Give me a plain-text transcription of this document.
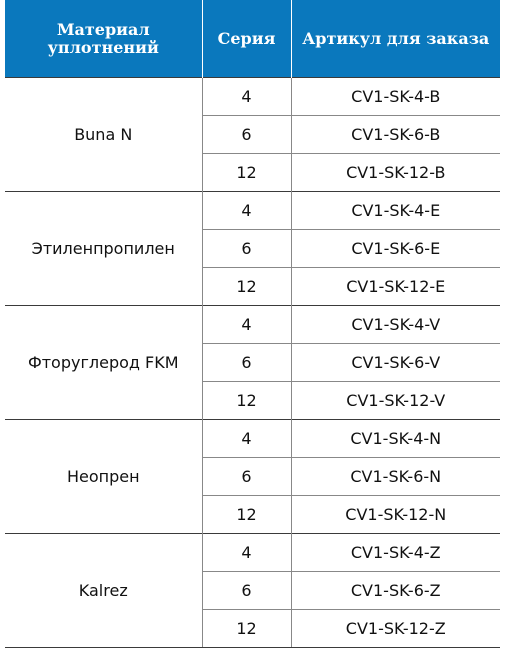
Материал уплотнений	Серия	Артикул для заказа
Buna N	4	CV1-SK-4-B
	6	CV1-SK-6-B
	12	CV1-SK-12-B
Этиленпропилен	4	CV1-SK-4-E
	6	CV1-SK-6-E
	12	CV1-SK-12-E
Фторуглерод FKM	4	CV1-SK-4-V
	6	CV1-SK-6-V
	12	CV1-SK-12-V
Неопрен	4	CV1-SK-4-N
	6	CV1-SK-6-N
	12	CV1-SK-12-N
Kalrez	4	CV1-SK-4-Z
	6	CV1-SK-6-Z
	12	CV1-SK-12-Z
